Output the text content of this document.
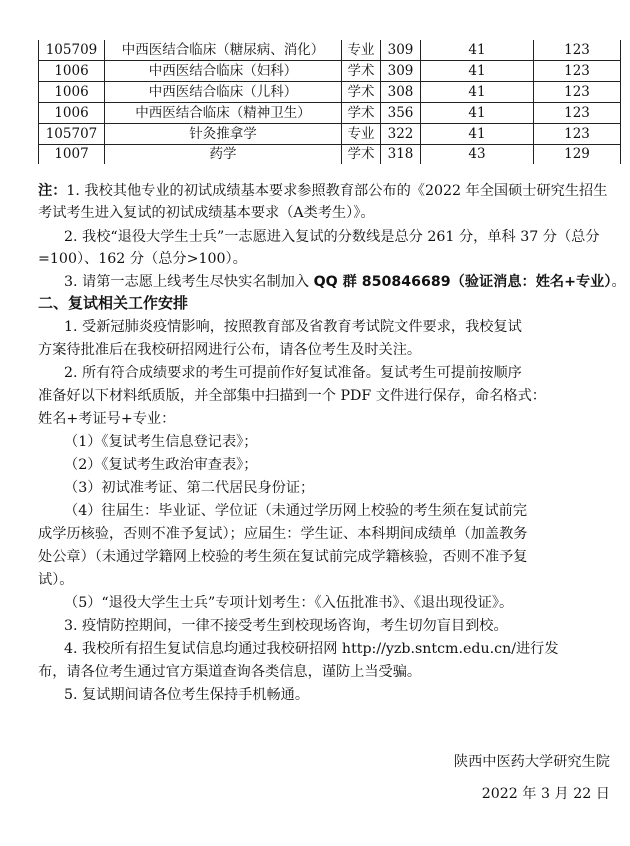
105709	中西医结合临床（糖尿病、消化）	专业	309	41	123
1006	中西医结合临床（妇科）	学术	309	41	123
1006	中西医结合临床（儿科）	学术	308	41	123
1006	中西医结合临床（精神卫生）	学术	356	41	123
105707	针灸推拿学	专业	322	41	123
1007	药学	学术	318	43	129

注：1. 我校其他专业的初试成绩基本要求参照教育部公布的《2022 年全国硕士研究生招生

考试考生进入复试的初试成绩基本要求（A类考生）》。

2. 我校“退役大学生士兵”一志愿进入复试的分数线是总分 261 分，单科 37 分（总分

=100）、162 分（总分>100）。

3. 请第一志愿上线考生尽快实名制加入 QQ 群 850846689（验证消息：姓名+专业）。

二、复试相关工作安排

1. 受新冠肺炎疫情影响，按照教育部及省教育考试院文件要求，我校复试

方案待批准后在我校研招网进行公布，请各位考生及时关注。

2. 所有符合成绩要求的考生可提前作好复试准备。复试考生可提前按顺序

准备好以下材料纸质版，并全部集中扫描到一个 PDF 文件进行保存，命名格式：

姓名+考证号+专业：

（1）《复试考生信息登记表》；

（2）《复试考生政治审查表》；

（3）初试准考证、第二代居民身份证；

（4）往届生：毕业证、学位证（未通过学历网上校验的考生须在复试前完

成学历核验，否则不准予复试）；应届生：学生证、本科期间成绩单（加盖教务

处公章）（未通过学籍网上校验的考生须在复试前完成学籍核验，否则不准予复

试）。

（5）“退役大学生士兵”专项计划考生：《入伍批准书》、《退出现役证》。

3. 疫情防控期间，一律不接受考生到校现场咨询，考生切勿盲目到校。

4. 我校所有招生复试信息均通过我校研招网 http://yzb.sntcm.edu.cn/进行发

布，请各位考生通过官方渠道查询各类信息，谨防上当受骗。

5. 复试期间请各位考生保持手机畅通。

陕西中医药大学研究生院

2022 年 3 月 22 日
